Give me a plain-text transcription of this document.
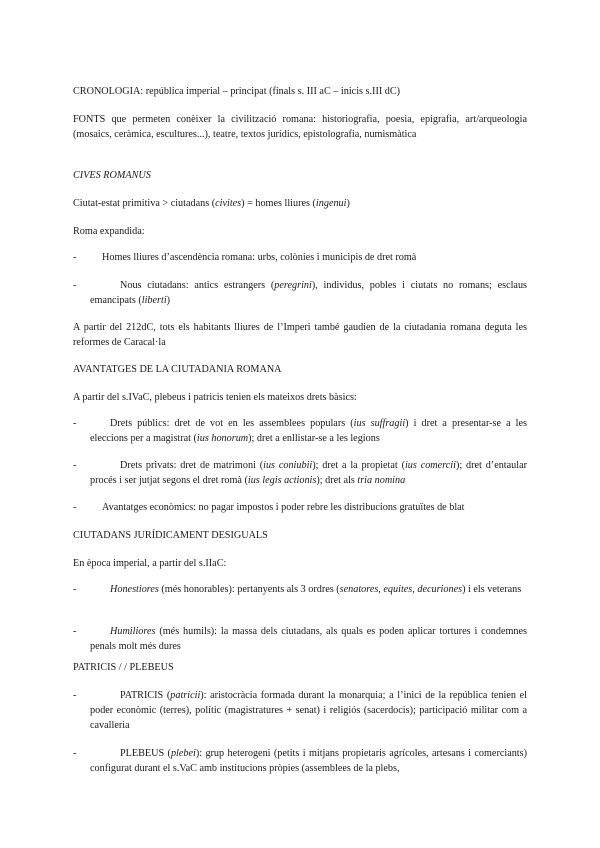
CRONOLOGIA: república imperial – principat (finals s. III aC – inicis s.III dC)

FONTS que permeten conèixer la civilització romana: historiografia, poesia, epigrafia, art/arqueologia (mosaics, ceràmica, escultures...), teatre, textos jurídics, epistolografia, numismàtica

CIVES ROMANUS

Ciutat-estat primitiva > ciutadans (civites) = homes lliures (ingenui)

Roma expandida:

-	Homes lliures d’ascendència romana: urbs, colònies i municipis de dret romà
-	Nous ciutadans: antics estrangers (peregrini), individus, pobles i ciutats no romans; esclaus emancipats (liberti)

A partir del 212dC, tots els habitants lliures de l’Imperi també gaudien de la ciutadania romana deguta les reformes de Caracal·la

AVANTATGES DE LA CIUTADANIA ROMANA

A partir del s.IVaC, plebeus i patricis tenien els mateixos drets bàsics:

-	Drets públics: dret de vot en les assemblees populars (ius suffragii) i dret a presentar-se a les eleccions per a magistrat (ius honorum); dret a enllistar-se a les legions
-	Drets privats: dret de matrimoni (ius coniubii); dret a la propietat (ius comercii); dret d’entaular procés i ser jutjat segons el dret romà (ius legis actionis); dret als tria nomina
-	Avantatges econòmics: no pagar impostos i poder rebre les distribucions gratuïtes de blat

CIUTADANS JURÍDICAMENT DESIGUALS

En època imperial, a partir del s.IIaC:

-	Honestiores (més honorables): pertanyents als 3 ordres (senatores, equites, decuriones) i els veterans
-	Humiliores (més humils): la massa dels ciutadans, als quals es poden aplicar tortures i condemnes penals molt més dures

PATRICIS / / PLEBEUS

-	PATRICIS (patricii): aristocràcia formada durant la monarquia; a l’inici de la república tenien el poder econòmic (terres), polític (magistratures + senat) i religiós (sacerdocis); participació militar com a cavalleria
-	PLEBEUS (plebei): grup heterogeni (petits i mitjans propietaris agrícoles, artesans i comerciants) configurat durant el s.VaC amb institucions pròpies (assemblees de la plebs,
